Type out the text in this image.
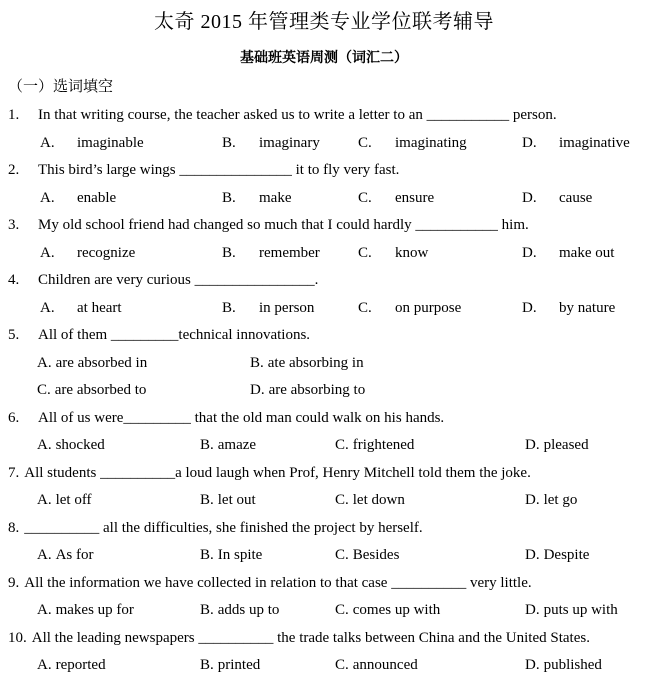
太奇 2015 年管理类专业学位联考辅导
基础班英语周测（词汇二）
（一）选词填空
1. In that writing course, the teacher asked us to write a letter to an ___________ person.
A. imaginable	B. imaginary	C. imaginating	D. imaginative
2. This bird’s large wings _______________ it to fly very fast.
A. enable	B. make	C. ensure	D. cause
3. My old school friend had changed so much that I could hardly ___________ him.
A. recognize	B. remember	C. know	D. make out
4. Children are very curious ________________.
A. at heart	B. in person	C. on purpose	D. by nature
5. All of them _________technical innovations.
A. are absorbed in	B. ate absorbing in
C. are absorbed to	D. are absorbing to
6. All of us were_________ that the old man could walk on his hands.
A. shocked	B. amaze	C. frightened	D. pleased
7. All students __________a loud laugh when Prof, Henry Mitchell told them the joke.
A. let off	B. let out	C. let down	D. let go
8. __________ all the difficulties, she finished the project by herself.
A. As for	B. In spite	C. Besides	D. Despite
9. All the information we have collected in relation to that case __________ very little.
A. makes up for	B. adds up to	C. comes up with	D. puts up with
10. All the leading newspapers __________ the trade talks between China and the United States.
A. reported	B. printed	C. announced	D. published
